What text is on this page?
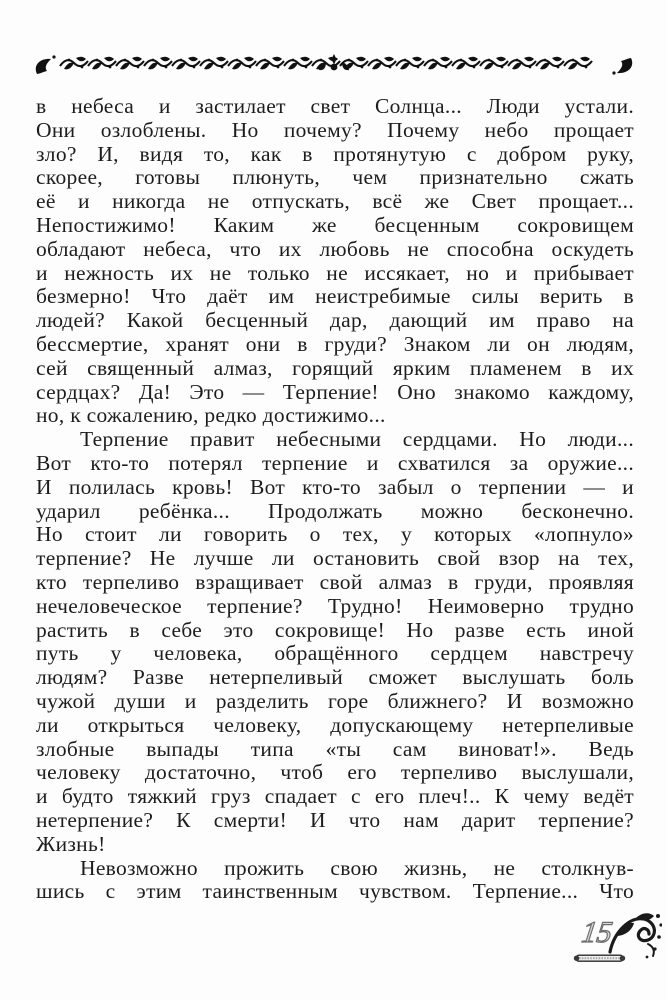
в небеса и застилает свет Солнца... Люди устали.
Они озлоблены. Но почему? Почему небо прощает
зло? И, видя то, как в протянутую с добром руку,
скорее, готовы плюнуть, чем признательно сжать
её и никогда не отпускать, всё же Свет прощает...
Непостижимо! Каким же бесценным сокровищем
обладают небеса, что их любовь не способна оскудеть
и нежность их не только не иссякает, но и прибывает
безмерно! Что даёт им неистребимые силы верить в
людей? Какой бесценный дар, дающий им право на
бессмертие, хранят они в груди? Знаком ли он людям,
сей священный алмаз, горящий ярким пламенем в их
сердцах? Да! Это — Терпение! Оно знакомо каждому,
но, к сожалению, редко достижимо...
Терпение правит небесными сердцами. Но люди...
Вот кто-то потерял терпение и схватился за оружие...
И полилась кровь! Вот кто-то забыл о терпении — и
ударил ребёнка... Продолжать можно бесконечно.
Но стоит ли говорить о тех, у которых «лопнуло»
терпение? Не лучше ли остановить свой взор на тех,
кто терпеливо взращивает свой алмаз в груди, проявляя
нечеловеческое терпение? Трудно! Неимоверно трудно
растить в себе это сокровище! Но разве есть иной
путь у человека, обращённого сердцем навстречу
людям? Разве нетерпеливый сможет выслушать боль
чужой души и разделить горе ближнего? И возможно
ли открыться человеку, допускающему нетерпеливые
злобные выпады типа «ты сам виноват!». Ведь
человеку достаточно, чтоб его терпеливо выслушали,
и будто тяжкий груз спадает с его плеч!.. К чему ведёт
нетерпение? К смерти! И что нам дарит терпение?
Жизнь!
Невозможно прожить свою жизнь, не столкнув-
шись с этим таинственным чувством. Терпение... Что
15
